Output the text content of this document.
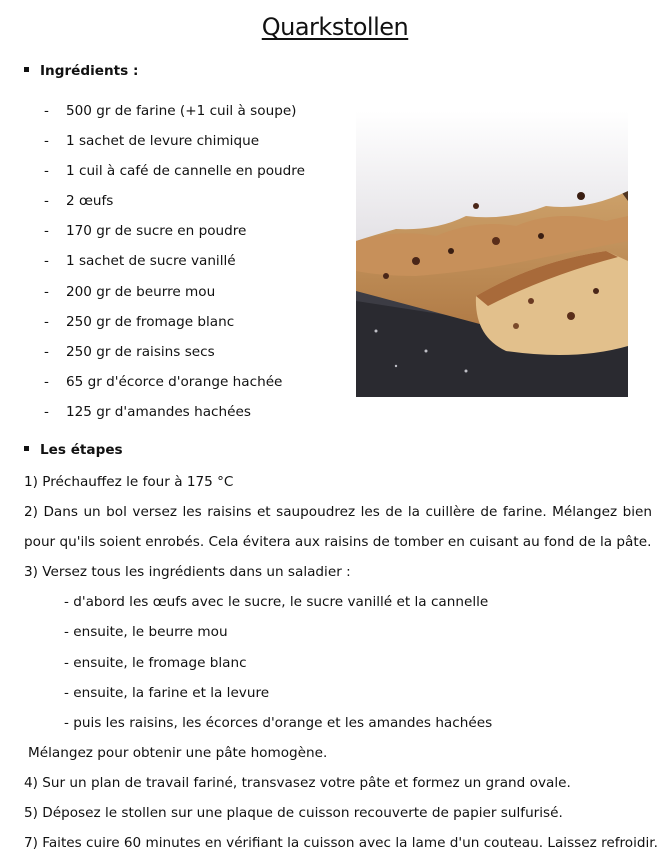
Quarkstollen
Ingrédients :
- 500 gr de farine (+1 cuil à soupe)
- 1 sachet de levure chimique
- 1 cuil à café de cannelle en poudre
- 2 œufs
- 170 gr de sucre en poudre
- 1 sachet de sucre vanillé
- 200 gr de beurre mou
- 250 gr de fromage blanc
- 250 gr de raisins secs
- 65 gr d'écorce d'orange hachée
- 125 gr d'amandes hachées
Les étapes
1) Préchauffez le four à 175 °C
2) Dans un bol versez les raisins et saupoudrez les de la cuillère de farine. Mélangez bien
pour qu'ils soient enrobés. Cela évitera aux raisins de tomber en cuisant au fond de la pâte.
3) Versez tous les ingrédients dans un saladier :
- d'abord les œufs avec le sucre, le sucre vanillé et la cannelle
- ensuite, le beurre mou
- ensuite, le fromage blanc
- ensuite, la farine et la levure
- puis les raisins, les écorces d'orange et les amandes hachées
Mélangez pour obtenir une pâte homogène.
4) Sur un plan de travail fariné, transvasez votre pâte et formez un grand ovale.
5) Déposez le stollen sur une plaque de cuisson recouverte de papier sulfurisé.
7) Faites cuire 60 minutes en vérifiant la cuisson avec la lame d'un couteau. Laissez refroidir.
